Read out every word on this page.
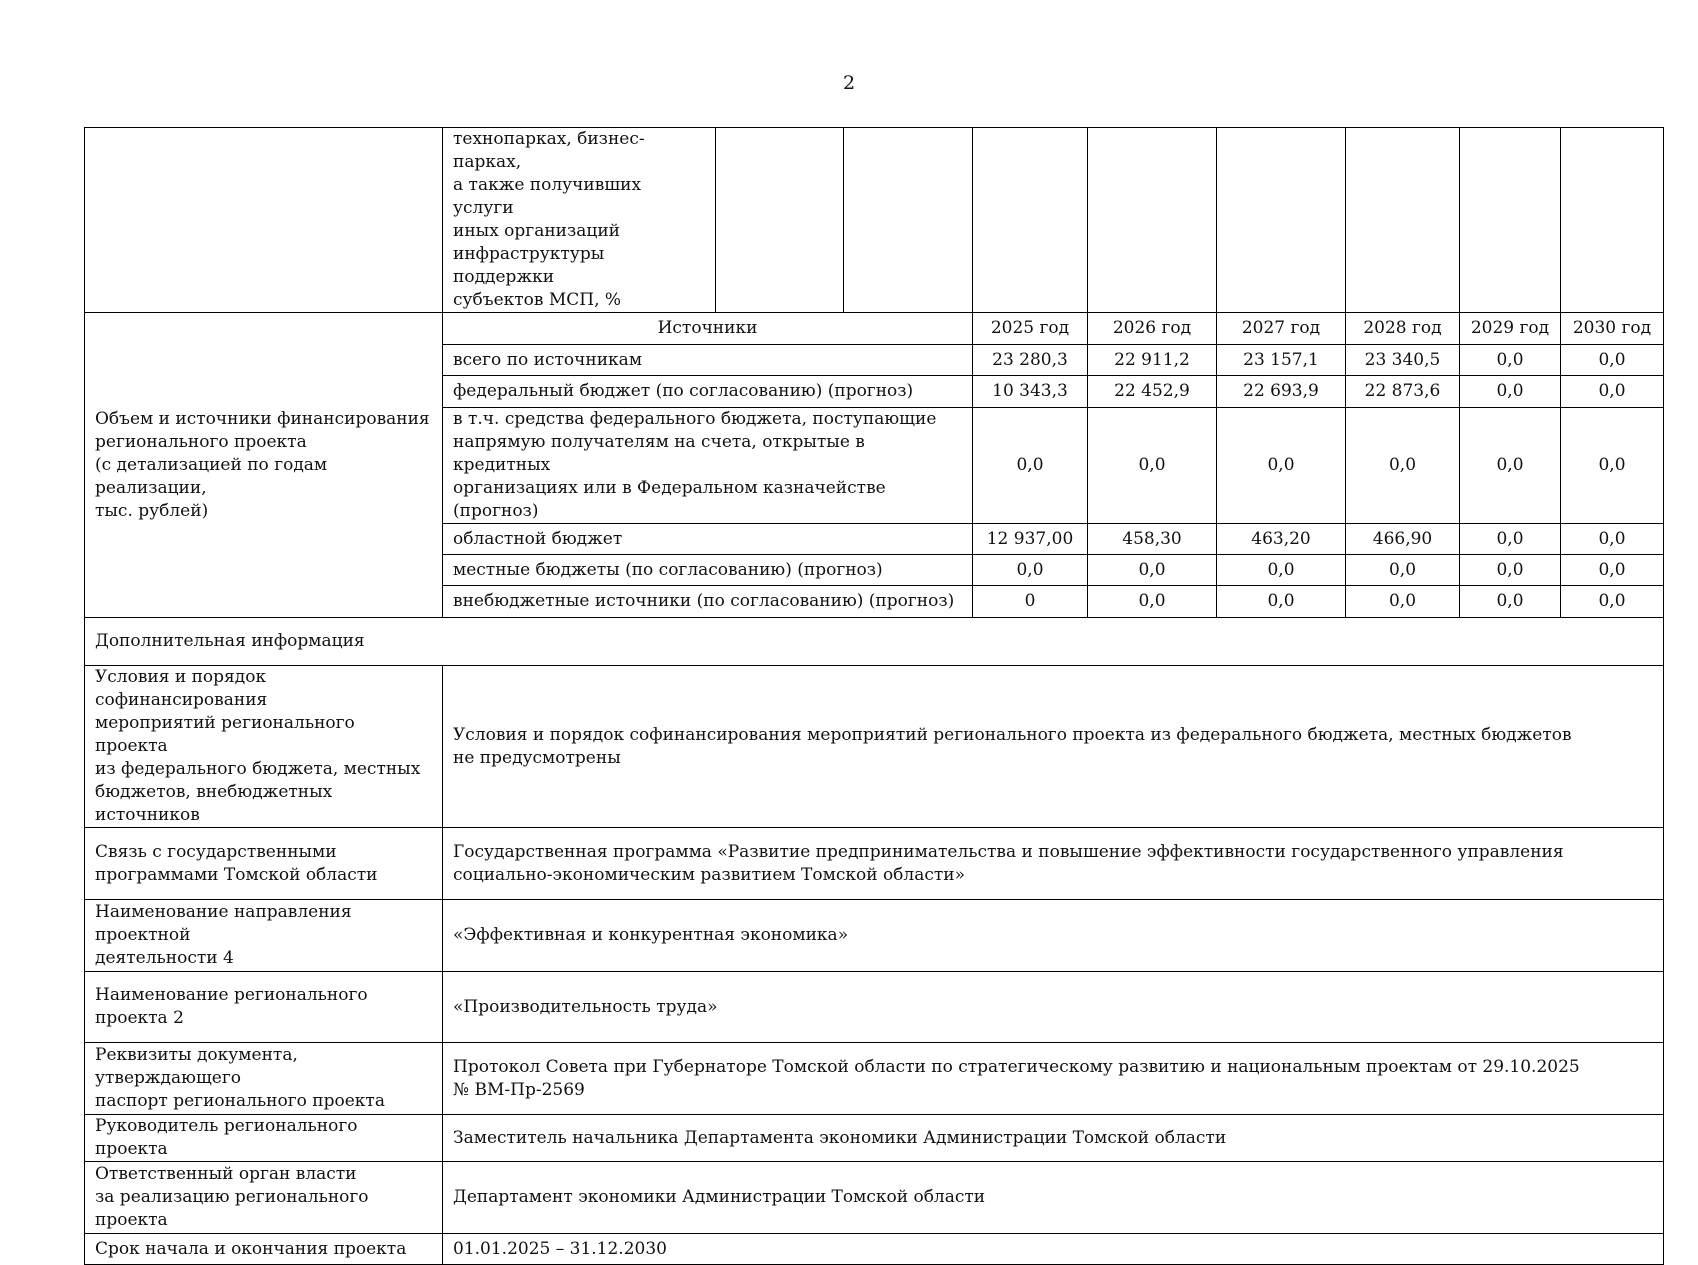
2
	технопарках, бизнес-парках,
а также получивших услуги
иных организаций
инфраструктуры поддержки
субъектов МСП, %								
Объем и источники финансирования
регионального проекта
(с детализацией по годам реализации,
тыс. рублей)	Источники			2025 год	2026 год	2027 год	2028 год	2029 год	2030 год
	всего по источникам			23 280,3	22 911,2	23 157,1	23 340,5	0,0	0,0
	федеральный бюджет (по согласованию) (прогноз)			10 343,3	22 452,9	22 693,9	22 873,6	0,0	0,0
	в т.ч. средства федерального бюджета, поступающие
напрямую получателям на счета, открытые в кредитных
организациях или в Федеральном казначействе (прогноз)			0,0	0,0	0,0	0,0	0,0	0,0
	областной бюджет			12 937,00	458,30	463,20	466,90	0,0	0,0
	местные бюджеты (по согласованию) (прогноз)			0,0	0,0	0,0	0,0	0,0	0,0
	внебюджетные источники (по согласованию) (прогноз)			0	0,0	0,0	0,0	0,0	0,0
Дополнительная информация									
Условия и порядок софинансирования
мероприятий регионального проекта
из федерального бюджета, местных
бюджетов, внебюджетных источников	Условия и порядок софинансирования мероприятий регионального проекта из федерального бюджета, местных бюджетов
не предусмотрены								
Связь с государственными
программами Томской области	Государственная программа «Развитие предпринимательства и повышение эффективности государственного управления
социально-экономическим развитием Томской области»								
Наименование направления проектной
деятельности 4	«Эффективная и конкурентная экономика»								
Наименование регионального
проекта 2	«Производительность труда»								
Реквизиты документа, утверждающего
паспорт регионального проекта	Протокол Совета при Губернаторе Томской области по стратегическому развитию и национальным проектам от 29.10.2025
№ ВМ-Пр-2569								
Руководитель регионального проекта	Заместитель начальника Департамента экономики Администрации Томской области								
Ответственный орган власти
за реализацию регионального проекта	Департамент экономики Администрации Томской области								
Срок начала и окончания проекта	01.01.2025 – 31.12.2030								
